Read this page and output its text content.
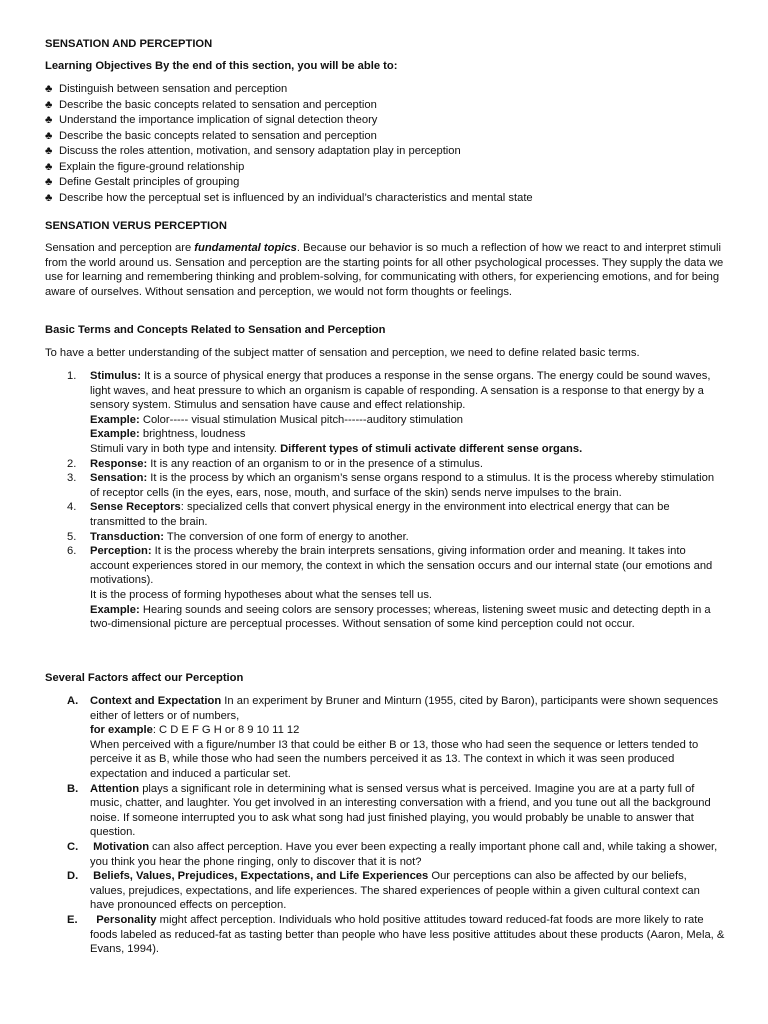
SENSATION AND PERCEPTION
Learning Objectives By the end of this section, you will be able to:
♣ Distinguish between sensation and perception
♣ Describe the basic concepts related to sensation and perception
♣ Understand the importance implication of signal detection theory
♣ Describe the basic concepts related to sensation and perception
♣ Discuss the roles attention, motivation, and sensory adaptation play in perception
♣ Explain the figure-ground relationship
♣ Define Gestalt principles of grouping
♣ Describe how the perceptual set is influenced by an individual’s characteristics and mental state
SENSATION VERUS PERCEPTION

Sensation and perception are fundamental topics. Because our behavior is so much a reflection of how we react to and interpret stimuli from the world around us. Sensation and perception are the starting points for all other psychological processes. They supply the data we use for learning and remembering thinking and problem-solving, for communicating with others, for experiencing emotions, and for being aware of ourselves. Without sensation and perception, we would not form thoughts or feelings.

Basic Terms and Concepts Related to Sensation and Perception
To have a better understanding of the subject matter of sensation and perception, we need to define related basic terms.
1. Stimulus: It is a source of physical energy that produces a response in the sense organs. The energy could be sound waves, light waves, and heat pressure to which an organism is capable of responding. A sensation is a response to that energy by a sensory system. Stimulus and sensation have cause and effect relationship.
Example: Color----- visual stimulation Musical pitch------auditory stimulation
Example: brightness, loudness
Stimuli vary in both type and intensity. Different types of stimuli activate different sense organs.
2. Response: It is any reaction of an organism to or in the presence of a stimulus.
3. Sensation: It is the process by which an organism’s sense organs respond to a stimulus. It is the process whereby stimulation of receptor cells (in the eyes, ears, nose, mouth, and surface of the skin) sends nerve impulses to the brain.
4. Sense Receptors: specialized cells that convert physical energy in the environment into electrical energy that can be transmitted to the brain.
5. Transduction: The conversion of one form of energy to another.
6. Perception: It is the process whereby the brain interprets sensations, giving information order and meaning. It takes into account experiences stored in our memory, the context in which the sensation occurs and our internal state (our emotions and motivations).
It is the process of forming hypotheses about what the senses tell us.
Example: Hearing sounds and seeing colors are sensory processes; whereas, listening sweet music and detecting depth in a two-dimensional picture are perceptual processes. Without sensation of some kind perception could not occur.
Several Factors affect our Perception
A. Context and Expectation In an experiment by Bruner and Minturn (1955, cited by Baron), participants were shown sequences either of letters or of numbers,
for example: C D E F G H or 8 9 10 11 12
When perceived with a figure/number I3 that could be either B or 13, those who had seen the sequence or letters tended to perceive it as B, while those who had seen the numbers perceived it as 13. The context in which it was seen produced expectation and induced a particular set.
B. Attention plays a significant role in determining what is sensed versus what is perceived. Imagine you are at a party full of music, chatter, and laughter. You get involved in an interesting conversation with a friend, and you tune out all the background noise. If someone interrupted you to ask what song had just finished playing, you would probably be unable to answer that question.
C. Motivation can also affect perception. Have you ever been expecting a really important phone call and, while taking a shower, you think you hear the phone ringing, only to discover that it is not?
D. Beliefs, Values, Prejudices, Expectations, and Life Experiences Our perceptions can also be affected by our beliefs, values, prejudices, expectations, and life experiences. The shared experiences of people within a given cultural context can have pronounced effects on perception.
E. Personality might affect perception. Individuals who hold positive attitudes toward reduced-fat foods are more likely to rate foods labeled as reduced-fat as tasting better than people who have less positive attitudes about these products (Aaron, Mela, & Evans, 1994).
